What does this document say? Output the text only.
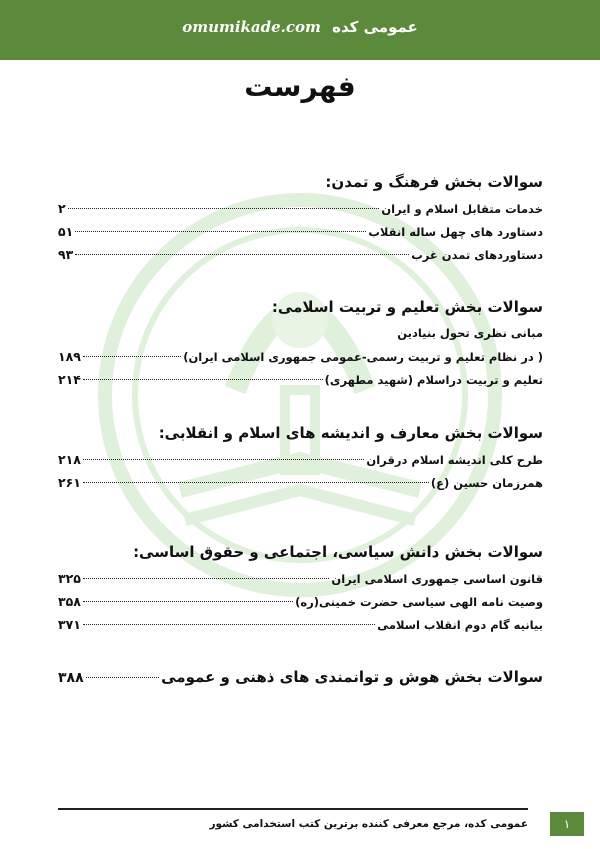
omumikade.com عمومی کده
فهرست
سوالات بخش فرهنگ و تمدن:
خدمات متقابل اسلام و ایران
۲
دستاورد های چهل ساله انقلاب
۵۱
دستاوردهای تمدن غرب
۹۳
سوالات بخش تعلیم و تربیت اسلامی:
مبانی نظری تحول بنیادین
( در نظام تعلیم و تربیت رسمی-عمومی جمهوری اسلامی ایران)
۱۸۹
تعلیم و تربیت دراسلام (شهید مطهری)
۲۱۴
سوالات بخش معارف و اندیشه های اسلام و انقلابی:
طرح کلی اندیشه اسلام درقران
۲۱۸
همرزمان حسین (ع)
۲۶۱
سوالات بخش دانش سیاسی، اجتماعی و حقوق اساسی:
قانون اساسی جمهوری اسلامی ایران
۳۲۵
وصیت نامه الهی سیاسی حضرت خمینی(ره)
۳۵۸
بیانیه گام دوم انقلاب اسلامی
۳۷۱
سوالات بخش هوش و توانمندی های ذهنی و عمومی
۳۸۸
عمومی کده، مرجع معرفی کننده برترین کتب استخدامی کشور	۱
